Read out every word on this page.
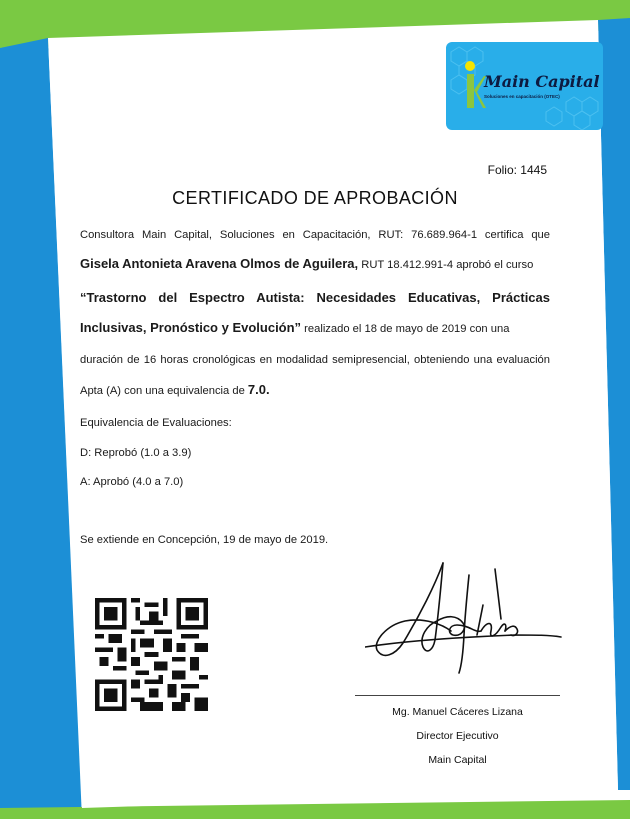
Main Capital
Soluciones en capacitación (OTEC)
Folio: 1445
CERTIFICADO DE APROBACIÓN
Consultora Main Capital, Soluciones en Capacitación, RUT: 76.689.964-1 certifica que
Gisela Antonieta Aravena Olmos de Aguilera, RUT 18.412.991-4 aprobó el curso
“Trastorno del Espectro Autista: Necesidades Educativas, Prácticas
Inclusivas, Pronóstico y Evolución” realizado el 18 de mayo de 2019 con una
duración de 16 horas cronológicas en modalidad semipresencial, obteniendo una evaluación
Apta (A) con una equivalencia de 7.0.
Equivalencia de Evaluaciones:
D: Reprobó (1.0 a 3.9)
A: Aprobó (4.0 a 7.0)
Se extiende en Concepción, 19 de mayo de 2019.
Mg. Manuel Cáceres Lizana
Director Ejecutivo
Main Capital
